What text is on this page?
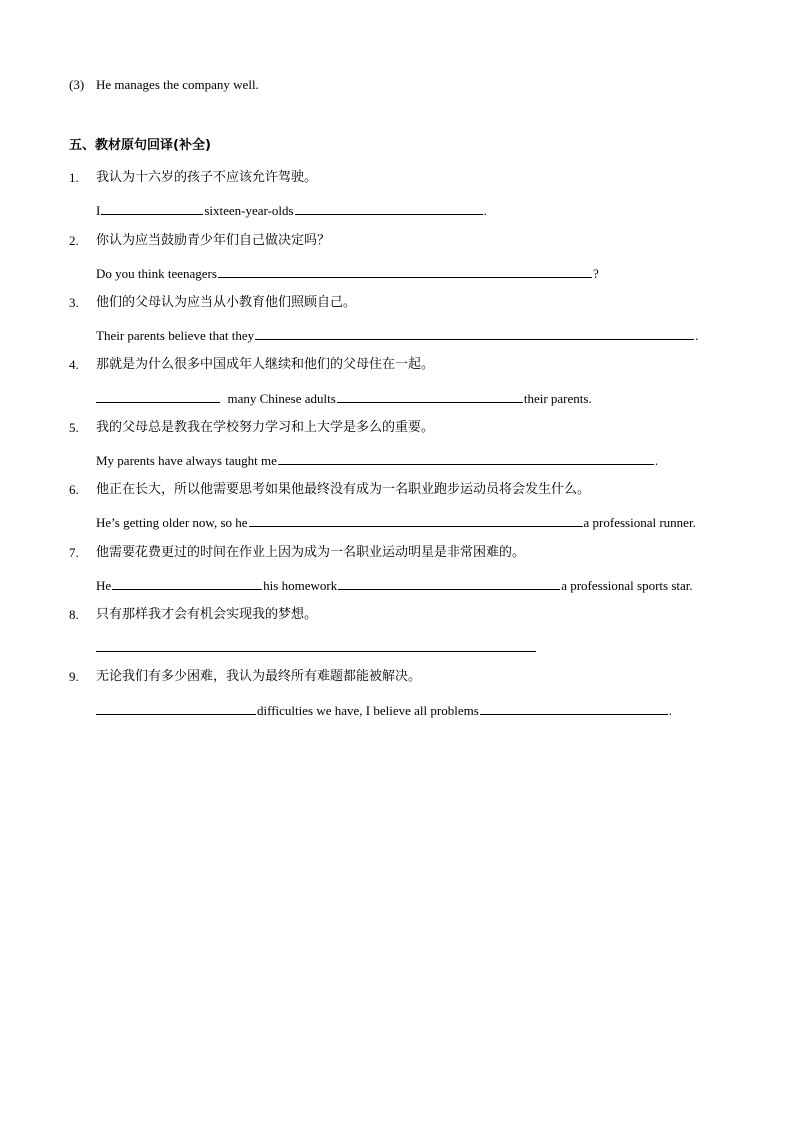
(3) He manages the company well.
五、教材原句回译(补全)
1. 我认为十六岁的孩子不应该允许驾驶。
I	sixteen-year-olds	.
2. 你认为应当鼓励青少年们自己做决定吗？
Do you think teenagers	?
3. 他们的父母认为应当从小教育他们照顾自己。
Their parents believe that they	.
4. 那就是为什么很多中国成年人继续和他们的父母住在一起。
many Chinese adults	their parents.
5. 我的父母总是教我在学校努力学习和上大学是多么的重要。
My parents have always taught me	.
6. 他正在长大，所以他需要思考如果他最终没有成为一名职业跑步运动员将会发生什么。
He’s getting older now, so he	a professional runner.
7. 他需要花费更过的时间在作业上因为成为一名职业运动明星是非常困难的。
He	his homework	a professional sports star.
8. 只有那样我才会有机会实现我的梦想。
9. 无论我们有多少困难，我认为最终所有难题都能被解决。
difficulties we have, I believe all problems	.
